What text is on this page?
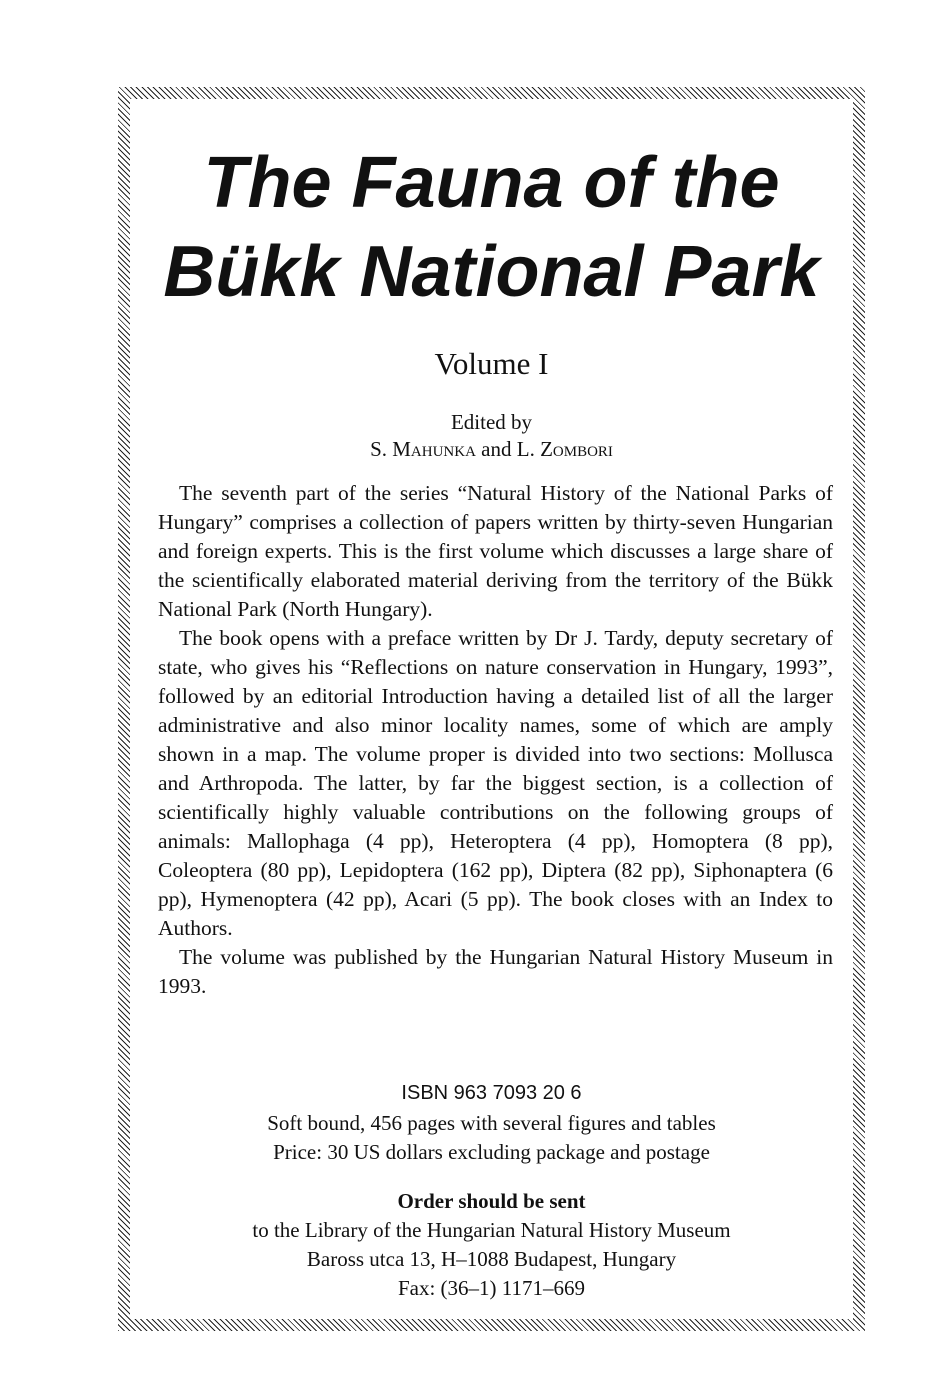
The Fauna of the
Bükk National Park
Volume I
Edited by
S. Mahunka and L. Zombori

The seventh part of the series “Natural History of the National Parks of Hungary” comprises a collection of papers written by thirty-seven Hungarian and foreign experts. This is the first volume which discusses a large share of the scientifically elaborated material deriving from the territory of the Bükk National Park (North Hungary).

The book opens with a preface written by Dr J. Tardy, deputy secretary of state, who gives his “Reflections on nature conservation in Hungary, 1993”, followed by an editorial Introduction having a detailed list of all the larger administrative and also minor locality names, some of which are amply shown in a map. The volume proper is divided into two sections: Mollusca and Arthropoda. The latter, by far the biggest section, is a collection of scientifically highly valuable contributions on the following groups of animals: Mallophaga (4 pp), Heteroptera (4 pp), Homoptera (8 pp), Coleoptera (80 pp), Lepidoptera (162 pp), Diptera (82 pp), Siphonaptera (6 pp), Hymenoptera (42 pp), Acari (5 pp). The book closes with an Index to Authors.

The volume was published by the Hungarian Natural History Museum in 1993.

ISBN 963 7093 20 6
Soft bound, 456 pages with several figures and tables
Price: 30 US dollars excluding package and postage
Order should be sent
to the Library of the Hungarian Natural History Museum
Baross utca 13, H–1088 Budapest, Hungary
Fax: (36–1) 1171–669
